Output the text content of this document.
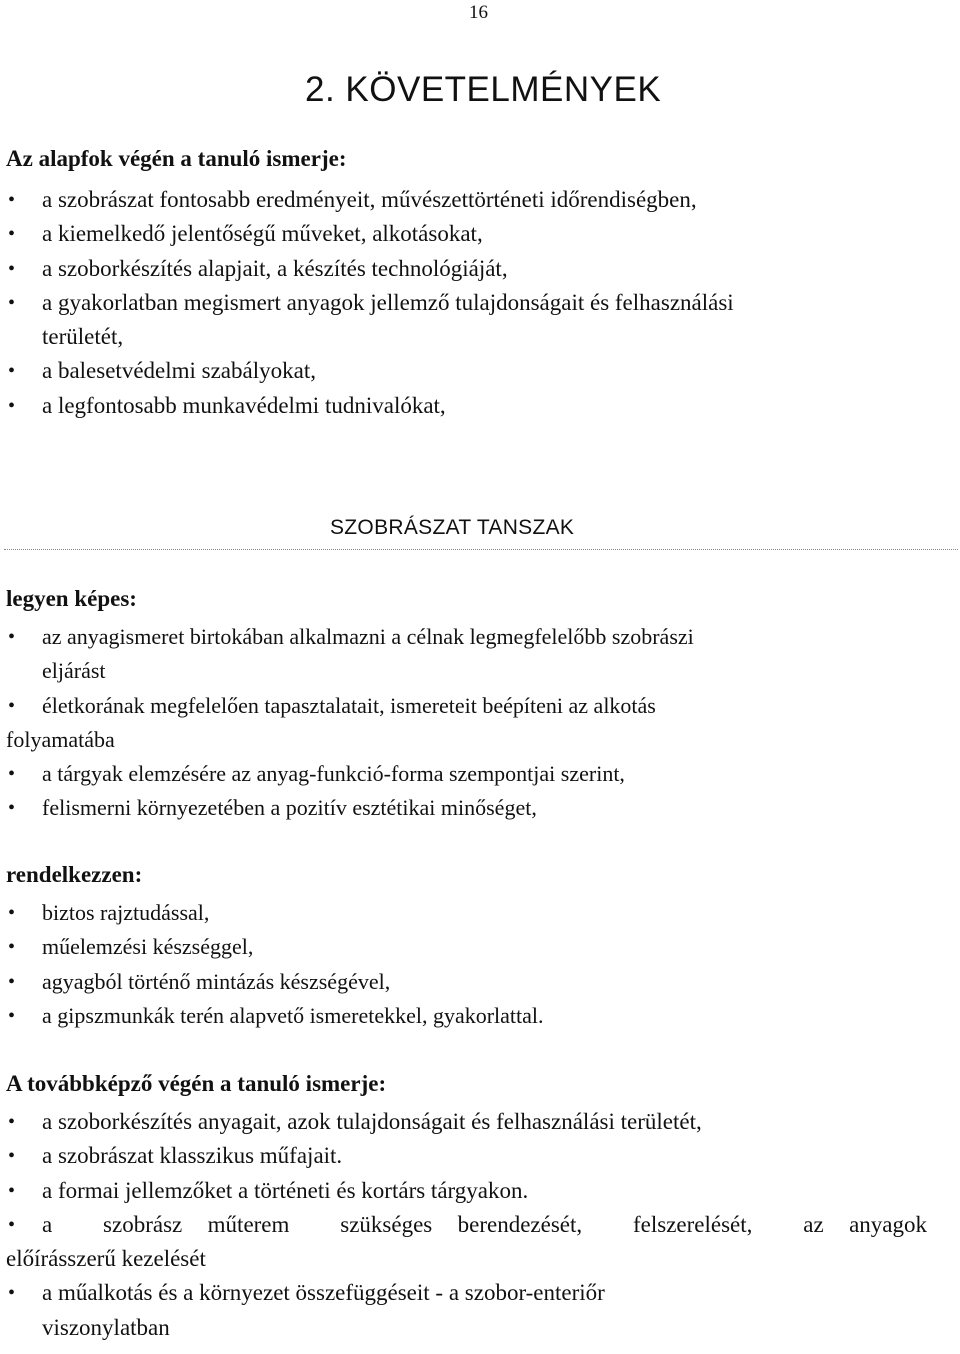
16
2. KÖVETELMÉNYEK
Az alapfok végén a tanuló ismerje:
• a szobrászat fontosabb eredményeit, művészettörténeti időrendiségben,
• a kiemelkedő jelentőségű műveket, alkotásokat,
• a szoborkészítés alapjait, a készítés technológiáját,
• a gyakorlatban megismert anyagok jellemző tulajdonságait és felhasználási
területét,
• a balesetvédelmi szabályokat,
• a legfontosabb munkavédelmi tudnivalókat,
SZOBRÁSZAT TANSZAK
legyen képes:
• az anyagismeret birtokában alkalmazni a célnak legmegfelelőbb szobrászi
eljárást
• életkorának megfelelően tapasztalatait, ismereteit beépíteni az alkotás
folyamatába
• a tárgyak elemzésére az anyag-funkció-forma szempontjai szerint,
• felismerni környezetében a pozitív esztétikai minőséget,
rendelkezzen:
• biztos rajztudással,
• műelemzési készséggel,
• agyagból történő mintázás készségével,
• a gipszmunkák terén alapvető ismeretekkel, gyakorlattal.
A továbbképző végén a tanuló ismerje:
• a szoborkészítés anyagait, azok tulajdonságait és felhasználási területét,
• a szobrászat klasszikus műfajait.
• a formai jellemzőket a történeti és kortárs tárgyakon.
• a  szobrász műterem  szükséges berendezését,  felszerelését,  az anyagok
előírásszerű kezelését
• a műalkotás és a környezet összefüggéseit - a szobor-enteriőr
viszonylatban
